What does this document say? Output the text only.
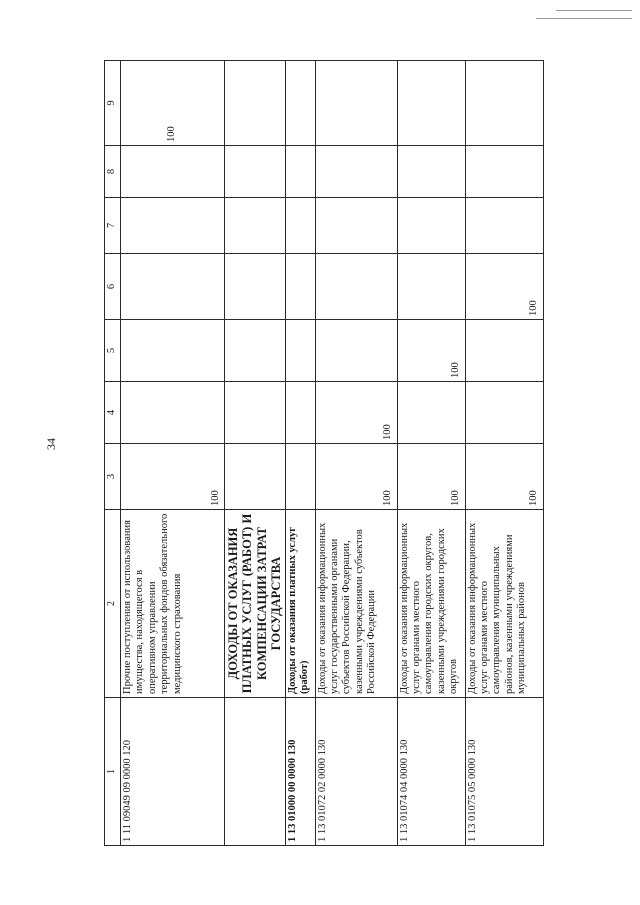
34
1	2	3	4	5	6	7	8	9
1 11 09049 09 0000 120	Прочие поступления от использования имущества, находящегося в оперативном управлении территориальных фондов обязательного медицинского страхования	100						100
	ДОХОДЫ ОТ ОКАЗАНИЯ ПЛАТНЫХ УСЛУГ (РАБОТ) И КОМПЕНСАЦИИ ЗАТРАТ ГОСУДАРСТВА							
1 13 01000 00 0000 130	Доходы от оказания платных услуг (работ)							
1 13 01072 02 0000 130	Доходы от оказания информационных услуг государственными органами субъектов Российской Федерации, казенными учреждениями субъектов Российской Федерации	100	100					
1 13 01074 04 0000 130	Доходы от оказания информационных услуг органами местного самоуправления городских округов, казенными учреждениями городских округов	100		100				
1 13 01075 05 0000 130	Доходы от оказания информационных услуг органами местного самоуправления муниципальных районов, казенными учреждениями муниципальных районов	100			100			
